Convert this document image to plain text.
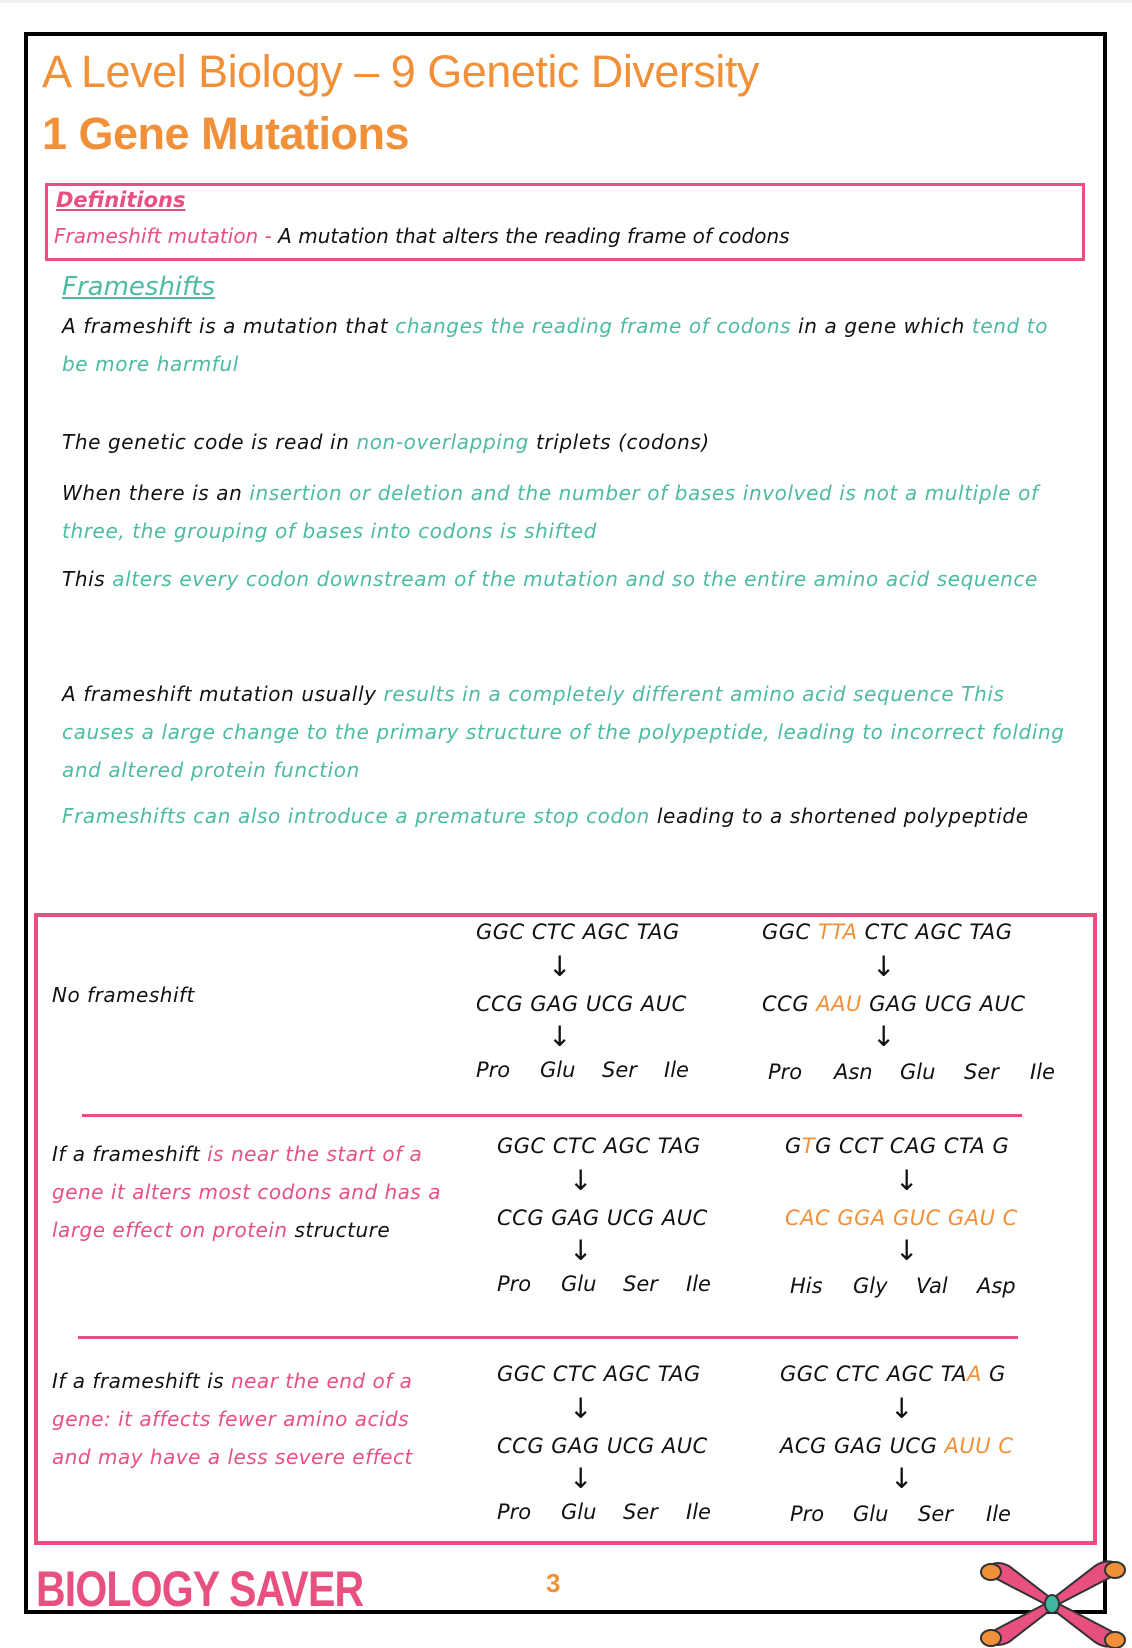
A Level Biology – 9 Genetic Diversity
1 Gene Mutations
Definitions
Frameshift mutation - A mutation that alters the reading frame of codons
Frameshifts
A frameshift is a mutation that changes the reading frame of codons in a gene which tend to be more harmful
The genetic code is read in non-overlapping triplets (codons)
When there is an insertion or deletion and the number of bases involved is not a multiple of three, the grouping of bases into codons is shifted
This alters every codon downstream of the mutation and so the entire amino acid sequence
A frameshift mutation usually results in a completely different amino acid sequence This causes a large change to the primary structure of the polypeptide, leading to incorrect folding and altered protein function
Frameshifts can also introduce a premature stop codon leading to a shortened polypeptide
No frameshift
GGC CTC AGC TAG
↓
CCG GAG UCG AUC
↓
Pro Glu Ser Ile
GGC TTA CTC AGC TAG
↓
CCG AAU GAG UCG AUC
↓
Pro Asn Glu Ser Ile
If a frameshift is near the start of a gene it alters most codons and has a large effect on protein structure
GGC CTC AGC TAG
↓
CCG GAG UCG AUC
↓
Pro Glu Ser Ile
GTG CCT CAG CTA G
↓
CAC GGA GUC GAU C
↓
His Gly Val Asp
If a frameshift is near the end of a gene: it affects fewer amino acids and may have a less severe effect
GGC CTC AGC TAG
↓
CCG GAG UCG AUC
↓
Pro Glu Ser Ile
GGC CTC AGC TAA G
↓
ACG GAG UCG AUU C
↓
Pro Glu Ser Ile
BIOLOGY SAVER	3
